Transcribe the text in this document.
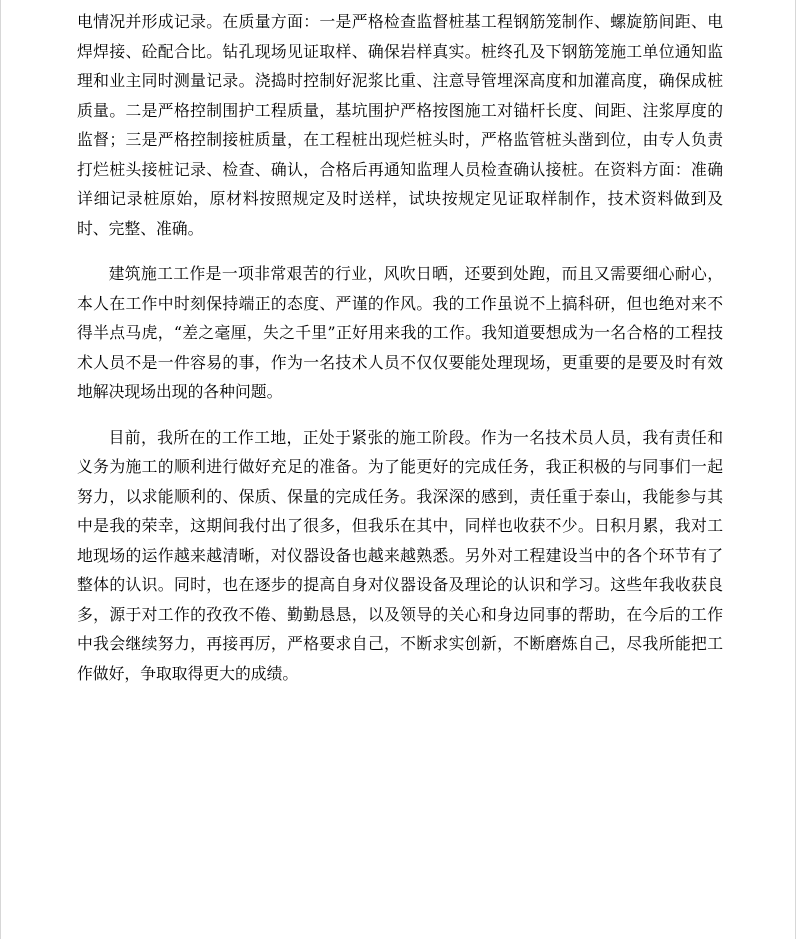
电情况并形成记录。在质量方面：一是严格检查监督桩基工程钢筋笼制作、螺旋筋间距、电焊焊接、砼配合比。钻孔现场见证取样、确保岩样真实。桩终孔及下钢筋笼施工单位通知监理和业主同时测量记录。浇捣时控制好泥浆比重、注意导管埋深高度和加灌高度，确保成桩质量。二是严格控制围护工程质量，基坑围护严格按图施工对锚杆长度、间距、注浆厚度的监督；三是严格控制接桩质量，在工程桩出现烂桩头时，严格监管桩头凿到位，由专人负责打烂桩头接桩记录、检查、确认，合格后再通知监理人员检查确认接桩。在资料方面：准确详细记录桩原始，原材料按照规定及时送样，试块按规定见证取样制作，技术资料做到及时、完整、准确。

建筑施工工作是一项非常艰苦的行业，风吹日晒，还要到处跑，而且又需要细心耐心，本人在工作中时刻保持端正的态度、严谨的作风。我的工作虽说不上搞科研，但也绝对来不得半点马虎，“差之毫厘，失之千里”正好用来我的工作。我知道要想成为一名合格的工程技术人员不是一件容易的事，作为一名技术人员不仅仅要能处理现场，更重要的是要及时有效地解决现场出现的各种问题。

目前，我所在的工作工地，正处于紧张的施工阶段。作为一名技术员人员，我有责任和义务为施工的顺利进行做好充足的准备。为了能更好的完成任务，我正积极的与同事们一起努力，以求能顺利的、保质、保量的完成任务。我深深的感到，责任重于泰山，我能参与其中是我的荣幸，这期间我付出了很多，但我乐在其中，同样也收获不少。日积月累，我对工地现场的运作越来越清晰，对仪器设备也越来越熟悉。另外对工程建设当中的各个环节有了整体的认识。同时，也在逐步的提高自身对仪器设备及理论的认识和学习。这些年我收获良多，源于对工作的孜孜不倦、勤勤恳恳，以及领导的关心和身边同事的帮助，在今后的工作中我会继续努力，再接再厉，严格要求自己，不断求实创新，不断磨炼自己，尽我所能把工作做好，争取取得更大的成绩。
